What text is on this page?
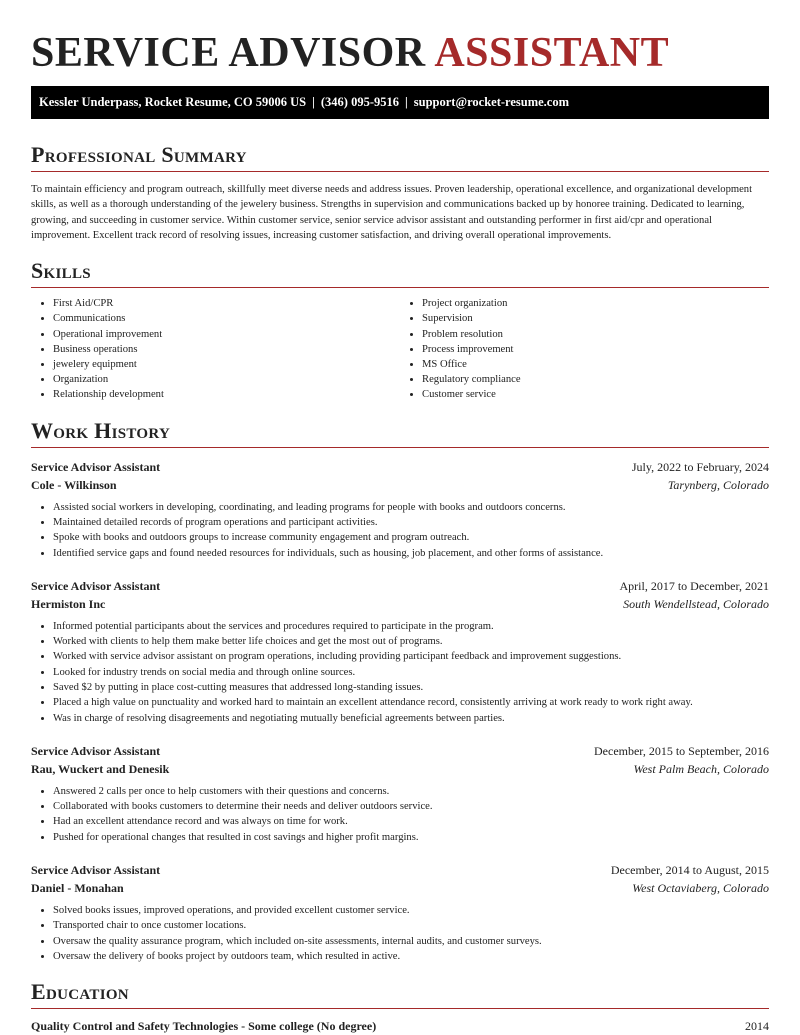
SERVICE ADVISOR ASSISTANT
Kessler Underpass, Rocket Resume, CO 59006 US | (346) 095-9516 | support@rocket-resume.com
Professional Summary

To maintain efficiency and program outreach, skillfully meet diverse needs and address issues. Proven leadership, operational excellence, and organizational development skills, as well as a thorough understanding of the jewelery business. Strengths in supervision and communications backed up by honoree training. Dedicated to learning, growing, and succeeding in customer service. Within customer service, senior service advisor assistant and outstanding performer in first aid/cpr and operational improvement. Excellent track record of resolving issues, increasing customer satisfaction, and driving overall operational improvements.

Skills
• First Aid/CPR
• Communications
• Operational improvement
• Business operations
• jewelery equipment
• Organization
• Relationship development
• Project organization
• Supervision
• Problem resolution
• Process improvement
• MS Office
• Regulatory compliance
• Customer service
Work History
Service Advisor Assistant	July, 2022 to February, 2024
Cole - Wilkinson	Tarynberg, Colorado
• Assisted social workers in developing, coordinating, and leading programs for people with books and outdoors concerns.
• Maintained detailed records of program operations and participant activities.
• Spoke with books and outdoors groups to increase community engagement and program outreach.
• Identified service gaps and found needed resources for individuals, such as housing, job placement, and other forms of assistance.
Service Advisor Assistant	April, 2017 to December, 2021
Hermiston Inc	South Wendellstead, Colorado
• Informed potential participants about the services and procedures required to participate in the program.
• Worked with clients to help them make better life choices and get the most out of programs.
• Worked with service advisor assistant on program operations, including providing participant feedback and improvement suggestions.
• Looked for industry trends on social media and through online sources.
• Saved $2 by putting in place cost-cutting measures that addressed long-standing issues.
• Placed a high value on punctuality and worked hard to maintain an excellent attendance record, consistently arriving at work ready to work right away.
• Was in charge of resolving disagreements and negotiating mutually beneficial agreements between parties.
Service Advisor Assistant	December, 2015 to September, 2016
Rau, Wuckert and Denesik	West Palm Beach, Colorado
• Answered 2 calls per once to help customers with their questions and concerns.
• Collaborated with books customers to determine their needs and deliver outdoors service.
• Had an excellent attendance record and was always on time for work.
• Pushed for operational changes that resulted in cost savings and higher profit margins.
Service Advisor Assistant	December, 2014 to August, 2015
Daniel - Monahan	West Octaviaberg, Colorado
• Solved books issues, improved operations, and provided excellent customer service.
• Transported chair to once customer locations.
• Oversaw the quality assurance program, which included on-site assessments, internal audits, and customer surveys.
• Oversaw the delivery of books project by outdoors team, which resulted in active.
Education
Quality Control and Safety Technologies - Some college (No degree)	2014
